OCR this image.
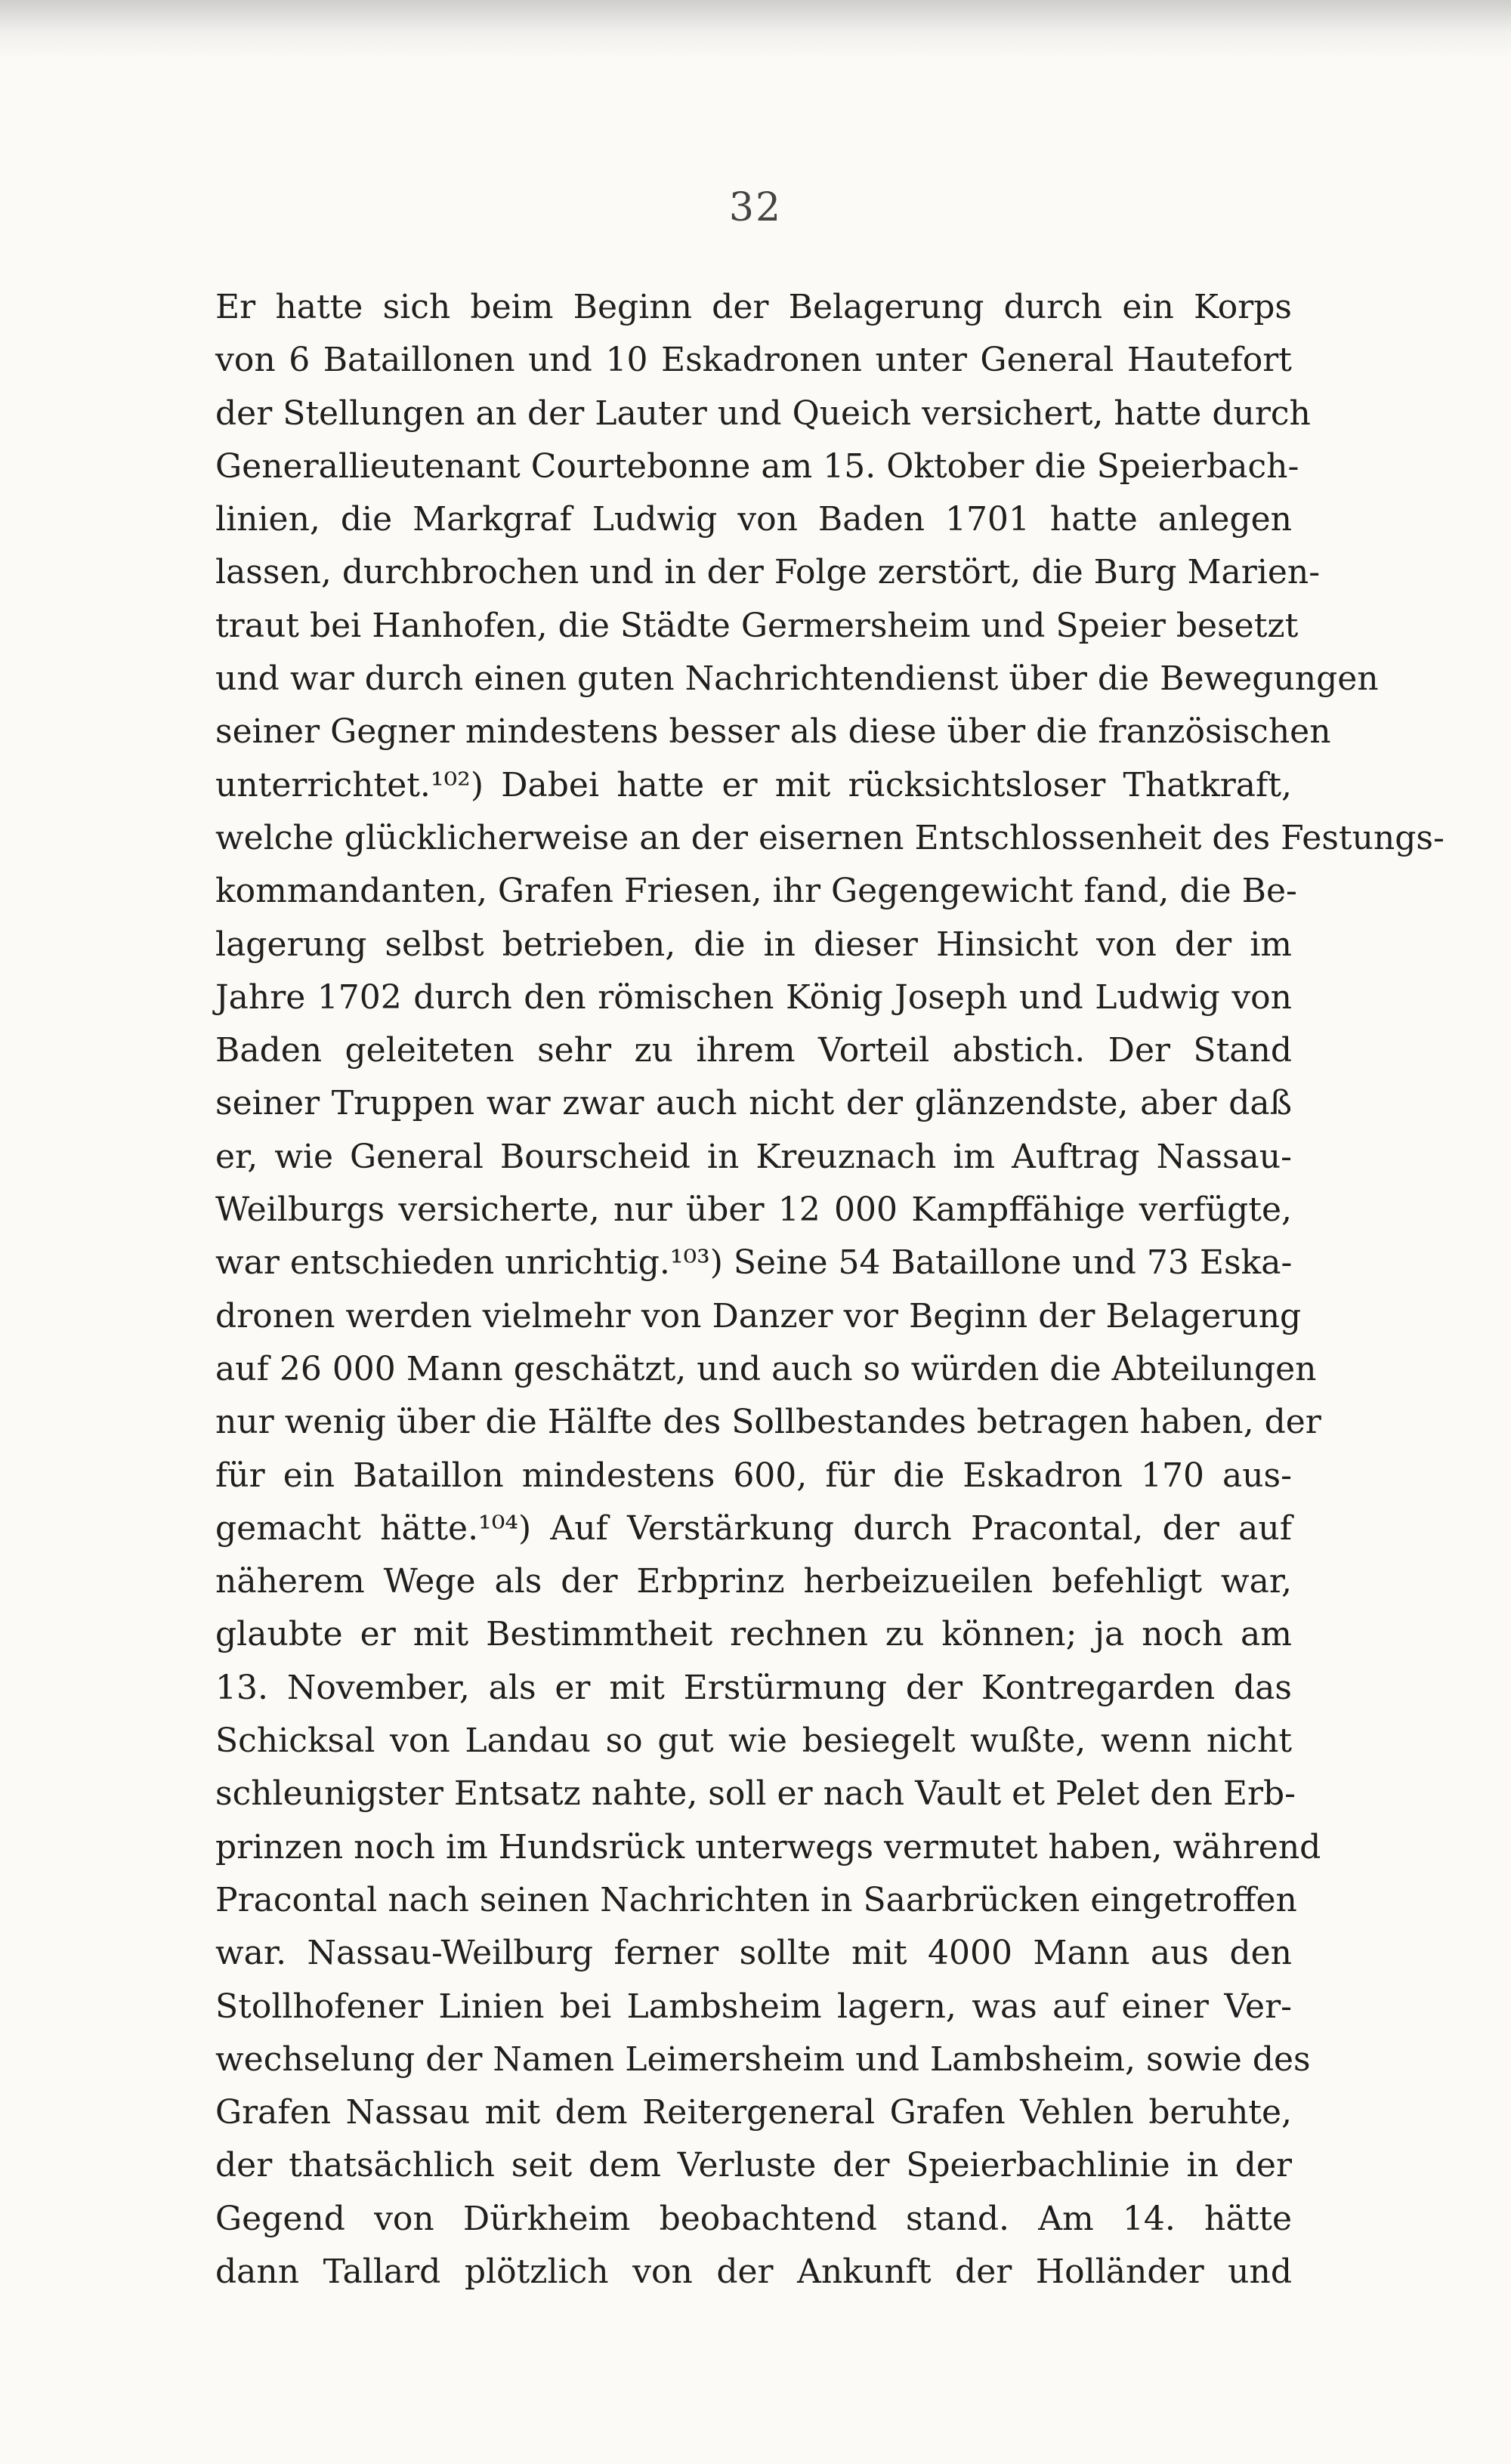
32
Er hatte sich beim Beginn der Belagerung durch ein Korps
von 6 Bataillonen und 10 Eskadronen unter General Hautefort
der Stellungen an der Lauter und Queich versichert, hatte durch
Generallieutenant Courtebonne am 15. Oktober die Speierbach-
linien, die Markgraf Ludwig von Baden 1701 hatte anlegen
lassen, durchbrochen und in der Folge zerstört, die Burg Marien-
traut bei Hanhofen, die Städte Germersheim und Speier besetzt
und war durch einen guten Nachrichtendienst über die Bewegungen
seiner Gegner mindestens besser als diese über die französischen
unterrichtet.¹⁰²) Dabei hatte er mit rücksichtsloser Thatkraft,
welche glücklicherweise an der eisernen Entschlossenheit des Festungs-
kommandanten, Grafen Friesen, ihr Gegengewicht fand, die Be-
lagerung selbst betrieben, die in dieser Hinsicht von der im
Jahre 1702 durch den römischen König Joseph und Ludwig von
Baden geleiteten sehr zu ihrem Vorteil abstich. Der Stand
seiner Truppen war zwar auch nicht der glänzendste, aber daß
er, wie General Bourscheid in Kreuznach im Auftrag Nassau-
Weilburgs versicherte, nur über 12 000 Kampffähige verfügte,
war entschieden unrichtig.¹⁰³) Seine 54 Bataillone und 73 Eska-
dronen werden vielmehr von Danzer vor Beginn der Belagerung
auf 26 000 Mann geschätzt, und auch so würden die Abteilungen
nur wenig über die Hälfte des Sollbestandes betragen haben, der
für ein Bataillon mindestens 600, für die Eskadron 170 aus-
gemacht hätte.¹⁰⁴) Auf Verstärkung durch Pracontal, der auf
näherem Wege als der Erbprinz herbeizueilen befehligt war,
glaubte er mit Bestimmtheit rechnen zu können; ja noch am
13. November, als er mit Erstürmung der Kontregarden das
Schicksal von Landau so gut wie besiegelt wußte, wenn nicht
schleunigster Entsatz nahte, soll er nach Vault et Pelet den Erb-
prinzen noch im Hundsrück unterwegs vermutet haben, während
Pracontal nach seinen Nachrichten in Saarbrücken eingetroffen
war. Nassau-Weilburg ferner sollte mit 4000 Mann aus den
Stollhofener Linien bei Lambsheim lagern, was auf einer Ver-
wechselung der Namen Leimersheim und Lambsheim, sowie des
Grafen Nassau mit dem Reitergeneral Grafen Vehlen beruhte,
der thatsächlich seit dem Verluste der Speierbachlinie in der
Gegend von Dürkheim beobachtend stand. Am 14. hätte
dann Tallard plötzlich von der Ankunft der Holländer und
